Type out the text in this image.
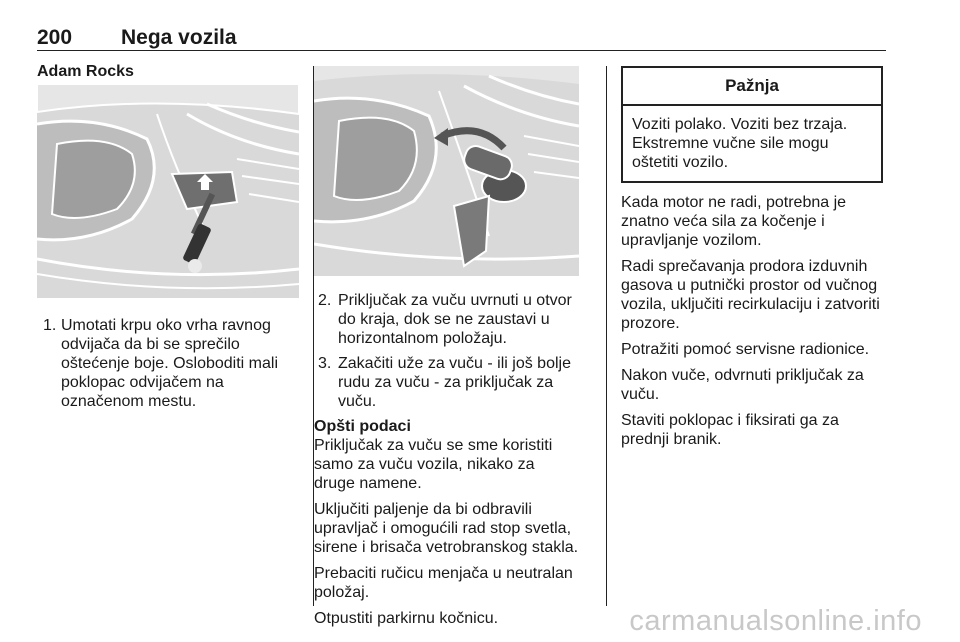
200 Nega vozila
Adam Rocks
1. Umotati krpu oko vrha ravnog odvijača da bi se sprečilo oštećenje boje. Osloboditi mali poklopac odvijačem na označenom mestu.
2. Priključak za vuču uvrnuti u otvor do kraja, dok se ne zaustavi u horizontalnom položaju.
3. Zakačiti uže za vuču - ili još bolje rudu za vuču - za priključak za vuču.
Opšti podaci

Priključak za vuču se sme koristiti samo za vuču vozila, nikako za druge namene.

Uključiti paljenje da bi odbravili upravljač i omogućili rad stop svetla, sirene i brisača vetrobranskog stakla.

Prebaciti ručicu menjača u neutralan položaj.

Otpustiti parkirnu kočnicu.

Pažnja
Voziti polako. Voziti bez trzaja. Ekstremne vučne sile mogu oštetiti vozilo.

Kada motor ne radi, potrebna je znatno veća sila za kočenje i upravljanje vozilom.

Radi sprečavanja prodora izduvnih gasova u putnički prostor od vučnog vozila, uključiti recirkulaciju i zatvoriti prozore.

Potražiti pomoć servisne radionice.

Nakon vuče, odvrnuti priključak za vuču.

Staviti poklopac i fiksirati ga za prednji branik.

carmanualsonline.info
